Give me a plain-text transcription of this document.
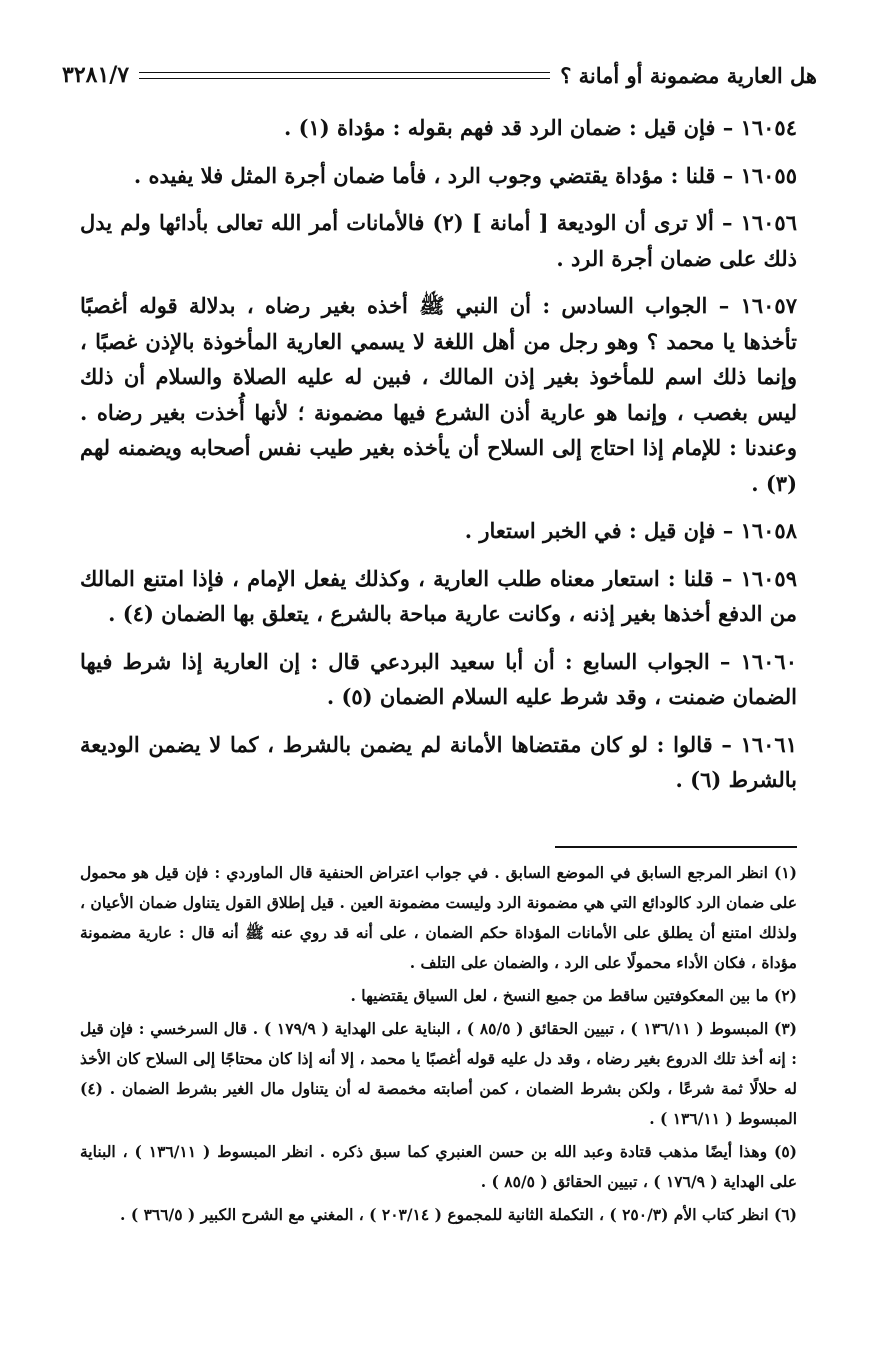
هل العارية مضمونة أو أمانة ؟
٣٢٨١/٧

١٦٠٥٤ – فإن قيل : ضمان الرد قد فهم بقوله : مؤداة (١) .

١٦٠٥٥ – قلنا : مؤداة يقتضي وجوب الرد ، فأما ضمان أجرة المثل فلا يفيده .

١٦٠٥٦ – ألا ترى أن الوديعة [ أمانة ] (٢) فالأمانات أمر الله تعالى بأدائها ولم يدل ذلك على ضمان أجرة الرد .

١٦٠٥٧ – الجواب السادس : أن النبي ﷺ أخذه بغير رضاه ، بدلالة قوله أغصبًا تأخذها يا محمد ؟ وهو رجل من أهل اللغة لا يسمي العارية المأخوذة بالإذن غصبًا ، وإنما ذلك اسم للمأخوذ بغير إذن المالك ، فبين له عليه الصلاة والسلام أن ذلك ليس بغصب ، وإنما هو عارية أذن الشرع فيها مضمونة ؛ لأنها أُخذت بغير رضاه . وعندنا : للإمام إذا احتاج إلى السلاح أن يأخذه بغير طيب نفس أصحابه ويضمنه لهم (٣) .

١٦٠٥٨ – فإن قيل : في الخبر استعار .

١٦٠٥٩ – قلنا : استعار معناه طلب العارية ، وكذلك يفعل الإمام ، فإذا امتنع المالك من الدفع أخذها بغير إذنه ، وكانت عارية مباحة بالشرع ، يتعلق بها الضمان (٤) .

١٦٠٦٠ – الجواب السابع : أن أبا سعيد البردعي قال : إن العارية إذا شرط فيها الضمان ضمنت ، وقد شرط عليه السلام الضمان (٥) .

١٦٠٦١ – قالوا : لو كان مقتضاها الأمانة لم يضمن بالشرط ، كما لا يضمن الوديعة بالشرط (٦) .

(١) انظر المرجع السابق في الموضع السابق . في جواب اعتراض الحنفية قال الماوردي : فإن قيل هو محمول على ضمان الرد كالودائع التي هي مضمونة الرد وليست مضمونة العين . قيل إطلاق القول يتناول ضمان الأعيان ، ولذلك امتنع أن يطلق على الأمانات المؤداة حكم الضمان ، على أنه قد روي عنه ﷺ أنه قال : عارية مضمونة مؤداة ، فكان الأداء محمولًا على الرد ، والضمان على التلف .

(٢) ما بين المعكوفتين ساقط من جميع النسخ ، لعل السياق يقتضيها .

(٣) المبسوط ( ١٣٦/١١ ) ، تبيين الحقائق ( ٨٥/٥ ) ، البناية على الهداية ( ١٧٩/٩ ) . قال السرخسي : فإن قيل : إنه أخذ تلك الدروع بغير رضاه ، وقد دل عليه قوله أغصبًا يا محمد ، إلا أنه إذا كان محتاجًا إلى السلاح كان الأخذ له حلالًا ثمة شرعًا ، ولكن بشرط الضمان ، كمن أصابته مخمصة له أن يتناول مال الغير بشرط الضمان . (٤) المبسوط ( ١٣٦/١١ ) .

(٥) وهذا أيضًا مذهب قتادة وعبد الله بن حسن العنبري كما سبق ذكره . انظر المبسوط ( ١٣٦/١١ ) ، البناية على الهداية ( ١٧٦/٩ ) ، تبيين الحقائق ( ٨٥/٥ ) .

(٦) انظر كتاب الأم (٢٥٠/٣ ) ، التكملة الثانية للمجموع ( ٢٠٣/١٤ ) ، المغني مع الشرح الكبير ( ٣٦٦/٥ ) .
